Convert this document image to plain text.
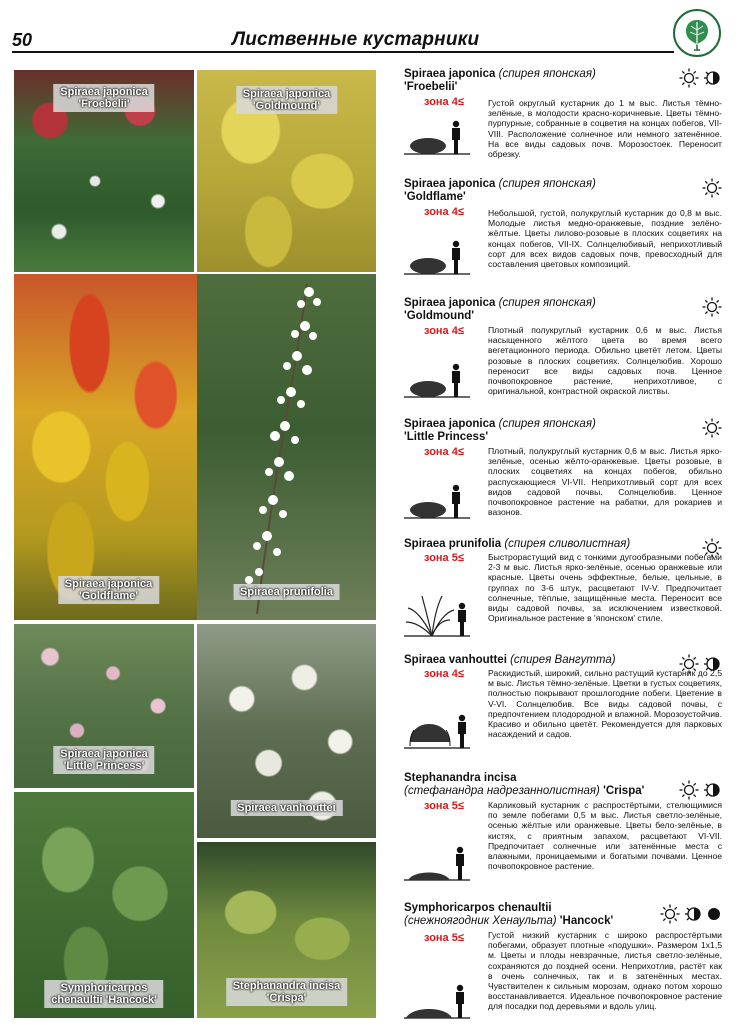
50	Лиственные кустарники
Spiraea japonica
'Froebelii'
Spiraea japonica
'Goldflame'
Spiraea japonica
'Little Princess'
Symphoricarpos
chenaultii 'Hancock'
Spiraea japonica
'Goldmound'
Spiraea prunifolia
Spiraea vanhouttei
Stephanandra incisa
'Crispa'
Spiraea japonica (спирея японская)
'Froebelii'
зона 4≤	Густой округлый кустарник до 1 м выс. Листья тёмно-зелёные, в молодости красно-коричневые. Цветы тёмно-пурпурные, собранные в соцветия на концах побегов, VII-VIII. Расположение солнечное или немного затенённое. На все виды садовых почв. Морозостоек. Переносит обрезку.
Spiraea japonica (спирея японская)
'Goldflame'
зона 4≤	Небольшой, густой, полукруглый кустарник до 0,8 м выс. Молодые листья медно-оранжевые, поздние зелёно-жёлтые. Цветы лилово-розовые в плоских соцветиях на концах побегов, VII-IX. Солнцелюбивый, неприхотливый сорт для всех видов садовых почв, превосходный для составления цветовых композиций.
Spiraea japonica (спирея японская)
'Goldmound'
зона 4≤	Плотный полукруглый кустарник 0,6 м выс. Листья насыщенного жёлтого цвета во время всего вегетационного периода. Обильно цветёт летом. Цветы розовые в плоских соцветиях. Солнцелюбив. Хорошо переносит все виды садовых почв. Ценное почвопокровное растение, неприхотливое, с оригинальной, контрастной окраской листвы.
Spiraea japonica (спирея японская)
'Little Princess'
зона 4≤	Плотный, полукруглый кустарник 0,6 м выс. Листья ярко-зелёные, осенью жёлто-оранжевые. Цветы розовые, в плоских соцветиях на концах побегов, обильно распускающиеся VI-VII. Неприхотливый сорт для всех видов садовой почвы. Солнцелюбив. Ценное почвопокровное растение на рабатки, для рокариев и вазонов.
Spiraea prunifolia (спирея сливолистная)
зона 5≤	Быстрорастущий вид с тонкими дугообразными побегами 2-3 м выс. Листья ярко-зелёные, осенью оранжевые или красные. Цветы очень эффектные, белые, цельные, в группах по 3-6 штук, расцветают IV-V. Предпочитает солнечные, тёплые, защищённые места. Переносит все виды садовой почвы, за исключением известковой. Оригинальное растение в 'японском' стиле.
Spiraea vanhouttei (спирея Вангутта)
зона 4≤	Раскидистый, широкий, сильно растущий кустарник до 2,5 м выс. Листья тёмно-зелёные. Цветки в густых соцветиях, полностью покрывают прошлогодние побеги. Цветение в V-VI. Солнцелюбив. Все виды садовой почвы, с предпочтением плодородной и влажной. Морозоустойчив. Красиво и обильно цветёт. Рекомендуется для парковых насаждений и садов.
Stephanandra incisa
(стефанандра надрезаннолистная) 'Crispa'
зона 5≤	Карликовый кустарник с распростёртыми, стелющимися по земле побегами 0,5 м выс. Листья светло-зелёные, осенью жёлтые или оранжевые. Цветы бело-зелёные, в кистях, с приятным запахом, расцветают VI-VII. Предпочитает солнечные или затенённые места с влажными, проницаемыми и богатыми почвами. Ценное почвопокровное растение.
Symphoricarpos chenaultii
(снежноягодник Хенаульта) 'Hancock'
зона 5≤	Густой низкий кустарник с широко распростёртыми побегами, образует плотные «подушки». Размером 1х1,5 м. Цветы и плоды невзрачные, листья светло-зелёные, сохраняются до поздней осени. Неприхотлив, растёт как в очень солнечных, так и в затенённых местах. Чувствителен к сильным морозам, однако потом хорошо восстанавливается. Идеальное почвопокровное растение для посадки под деревьями и вдоль улиц.
